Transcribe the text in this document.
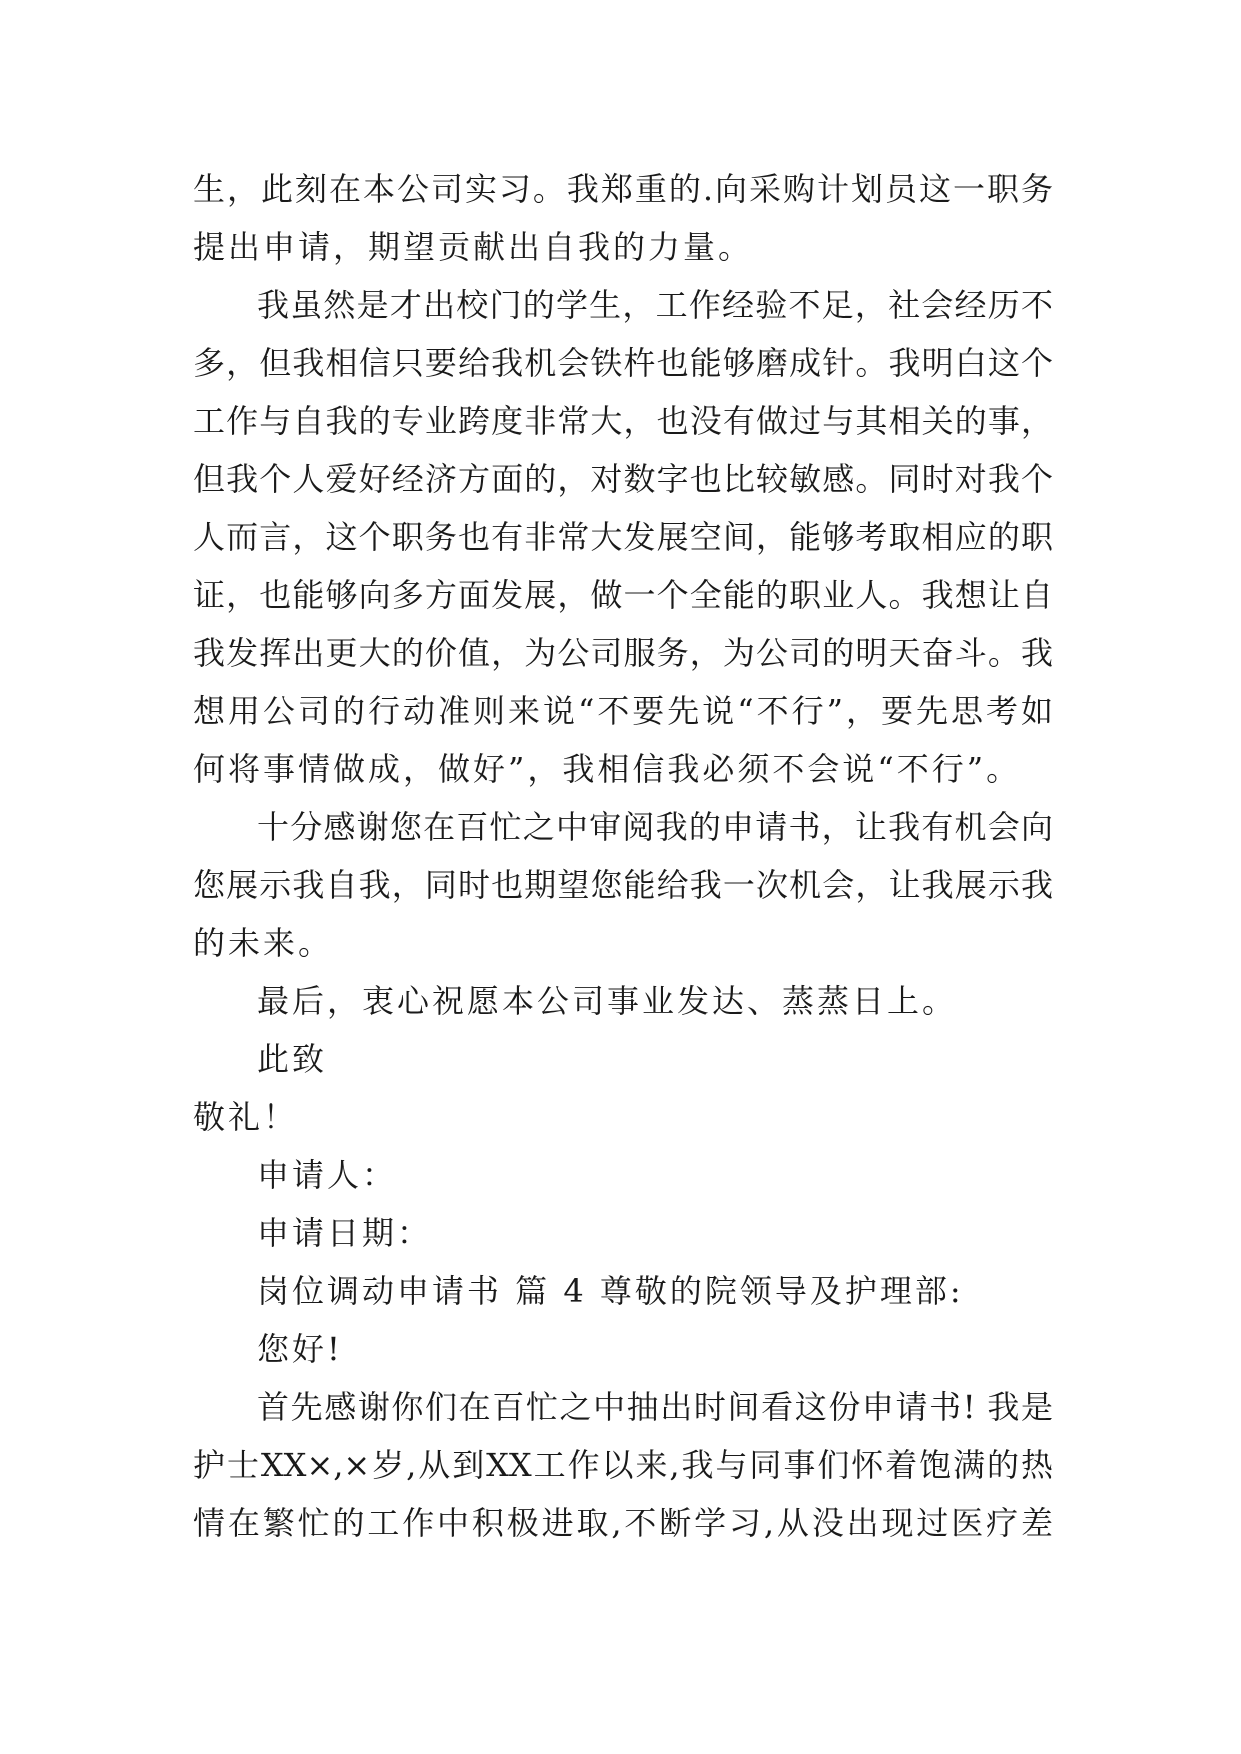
生，此刻在本公司实习。我郑重的.向采购计划员这一职务
提出申请，期望贡献出自我的力量。
我虽然是才出校门的学生，工作经验不足，社会经历不
多，但我相信只要给我机会铁杵也能够磨成针。我明白这个
工作与自我的专业跨度非常大，也没有做过与其相关的事，
但我个人爱好经济方面的，对数字也比较敏感。同时对我个
人而言，这个职务也有非常大发展空间，能够考取相应的职
证，也能够向多方面发展，做一个全能的职业人。我想让自
我发挥出更大的价值，为公司服务，为公司的明天奋斗。我
想用公司的行动准则来说“不要先说“不行”，要先思考如
何将事情做成，做好”，我相信我必须不会说“不行”。
十分感谢您在百忙之中审阅我的申请书，让我有机会向
您展示我自我，同时也期望您能给我一次机会，让我展示我
的未来。
最后，衷心祝愿本公司事业发达、蒸蒸日上。
此致
敬礼！
申请人：
申请日期：
岗位调动申请书 篇 4 尊敬的院领导及护理部:
您好!
首先感谢你们在百忙之中抽出时间看这份申请书! 我是
护士XX×,×岁,从到XX工作以来,我与同事们怀着饱满的热
情在繁忙的工作中积极进取,不断学习,从没出现过医疗差
